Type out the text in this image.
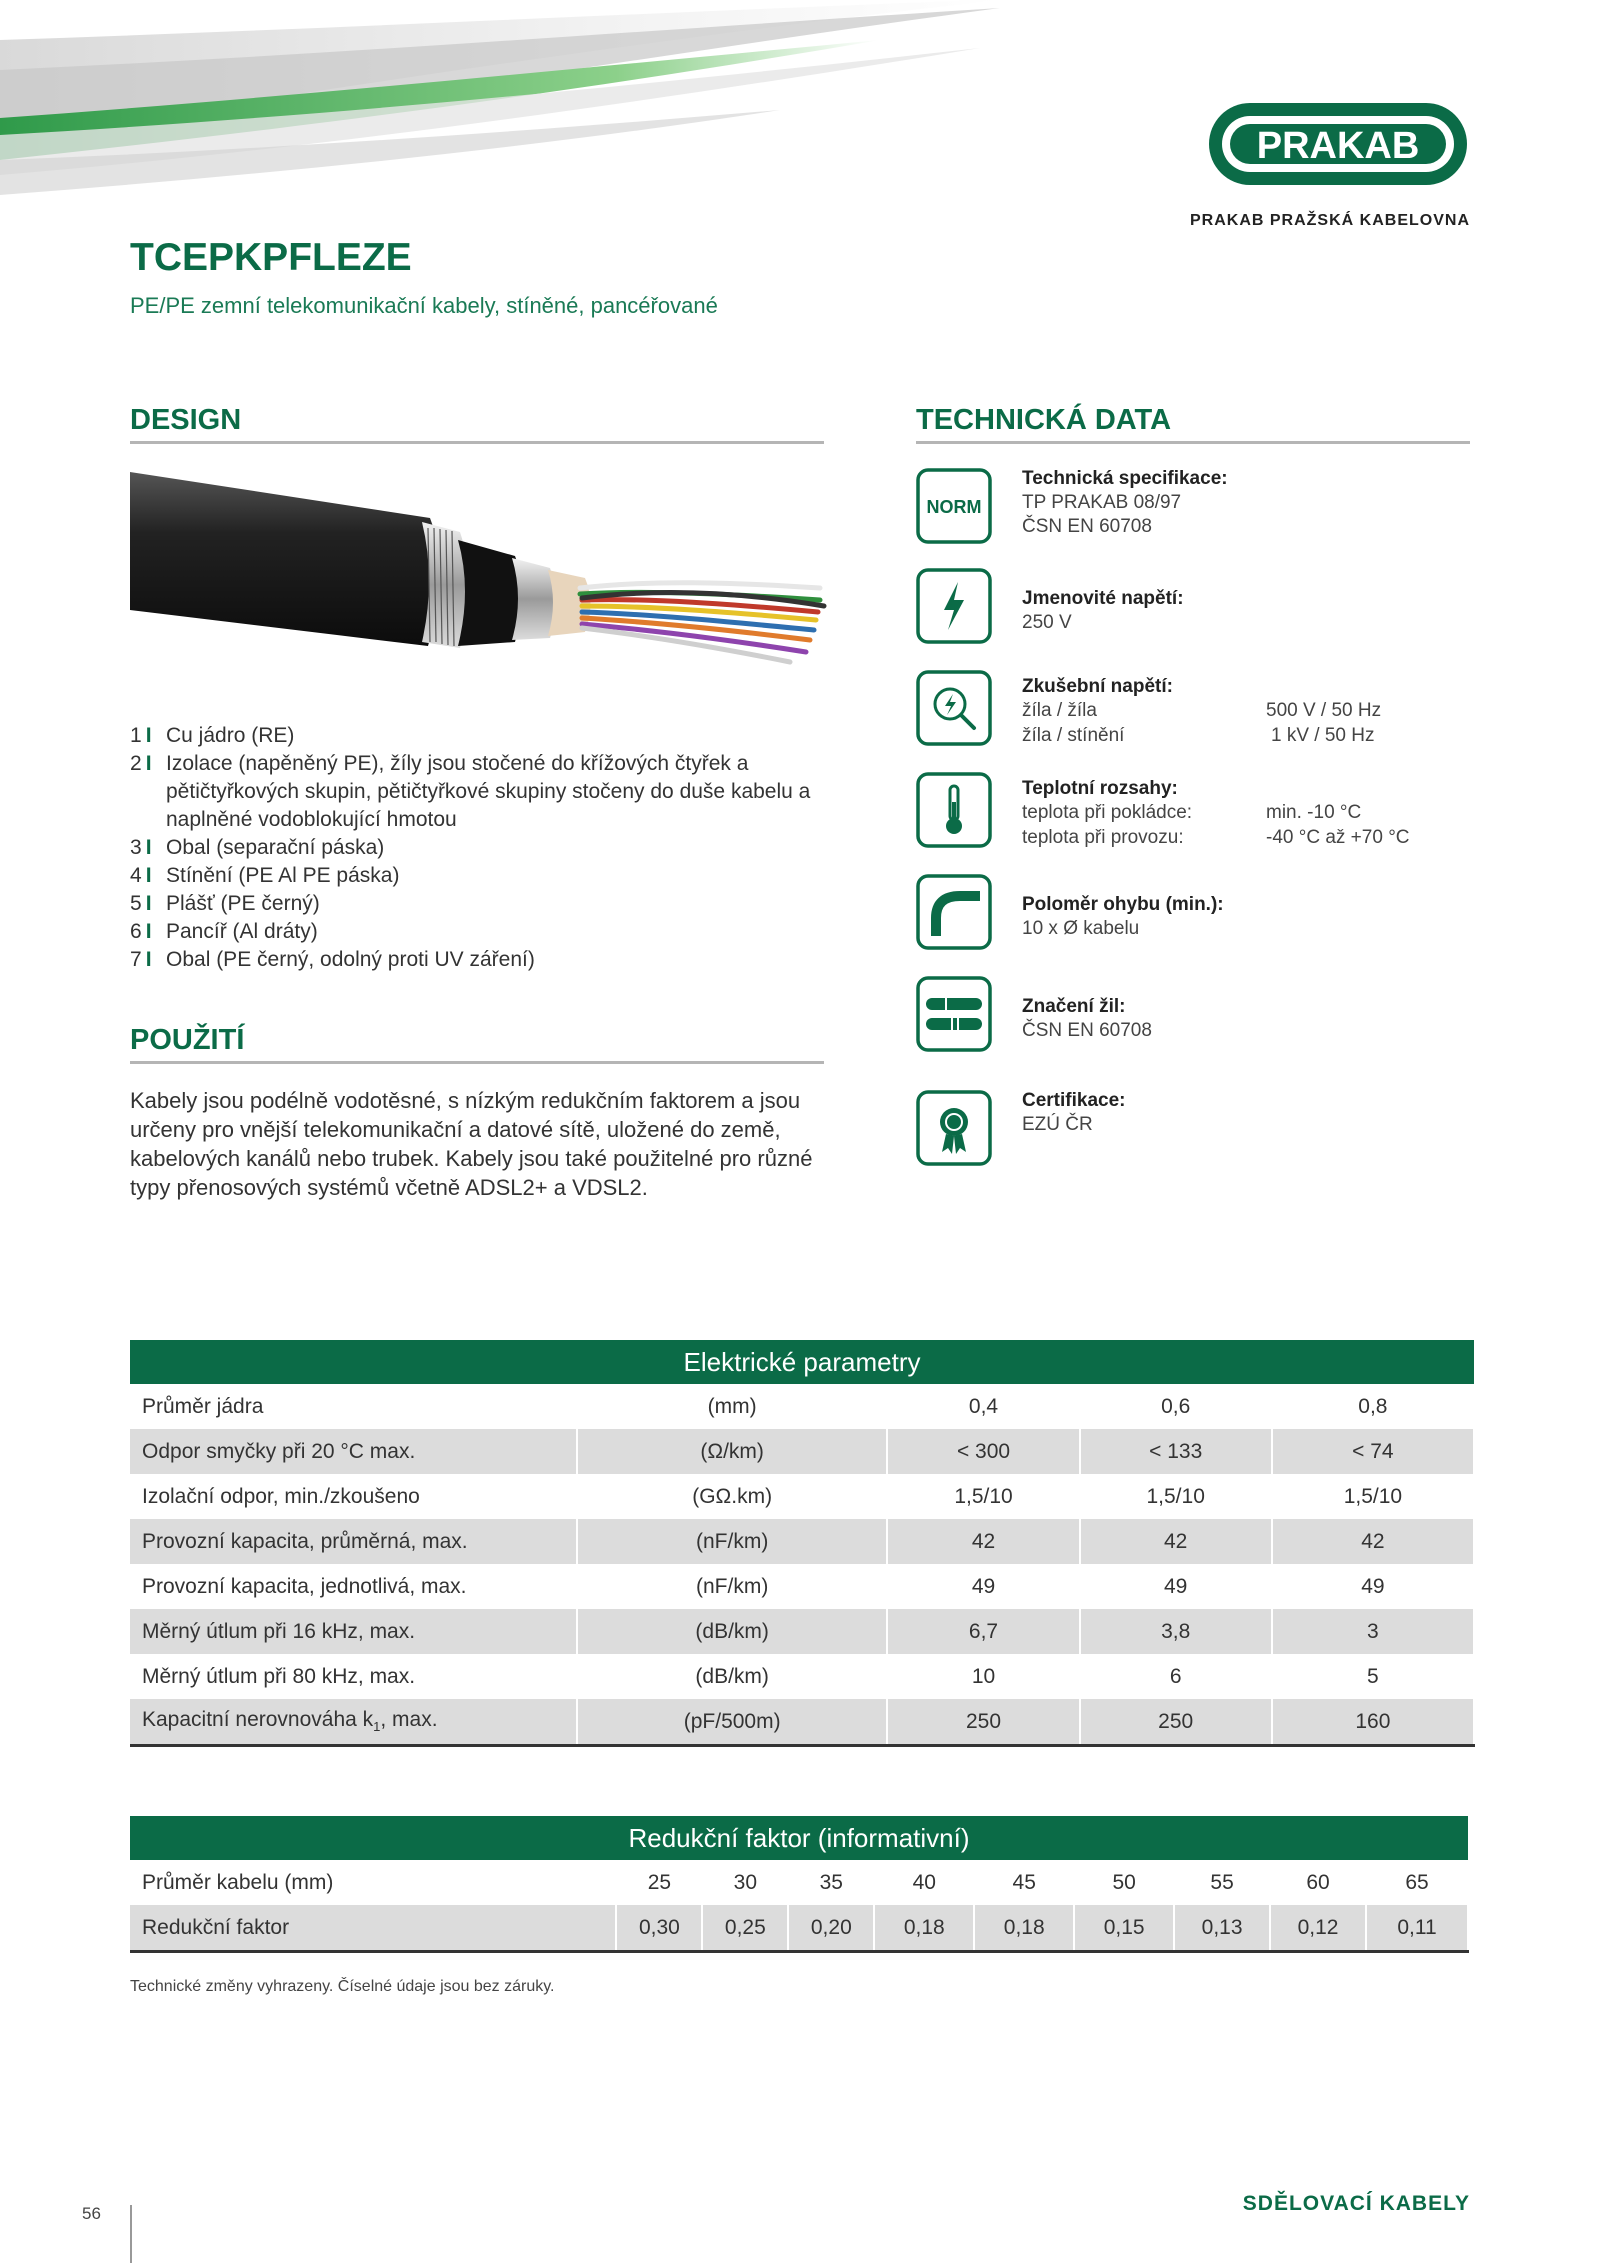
PRAKAB
PRAKAB PRAŽSKÁ KABELOVNA
TCEPKPFLEZE
PE/PE zemní telekomunikační kabely, stíněné, pancéřované
DESIGN
1 I Cu jádro (RE)
2 I Izolace (napěněný PE), žíly jsou stočené do křížových čtyřek a pětičtyřkových skupin, pětičtyřkové skupiny stočeny do duše kabelu a naplněné vodoblokující hmotou
3 I Obal (separační páska)
4 I Stínění (PE Al PE páska)
5 I Plášť (PE černý)
6 I Pancíř (Al dráty)
7 I Obal (PE černý, odolný proti UV záření)
POUŽITÍ
Kabely jsou podélně vodotěsné, s nízkým redukčním faktorem a jsou určeny pro vnější telekomunikační a datové sítě, uložené do země, kabelových kanálů nebo trubek. Kabely jsou také použitelné pro různé typy přenosových systémů včetně ADSL2+ a VDSL2.
TECHNICKÁ DATA
NORM
Technická specifikace:
TP PRAKAB 08/97
ČSN EN 60708
Jmenovité napětí:
250 V
Zkušební napětí:
žíla / žíla	500 V / 50 Hz
žíla / stínění	1 kV / 50 Hz
Teplotní rozsahy:
teplota při pokládce:	min. -10 °C
teplota při provozu:	-40 °C až +70 °C
Poloměr ohybu (min.):
10 x Ø kabelu
Značení žil:
ČSN EN 60708
Certifikace:
EZÚ ČR
Elektrické parametry				
Průměr jádra	(mm)	0,4	0,6	0,8
Odpor smyčky při 20 °C max.	(Ω/km)	< 300	< 133	< 74
Izolační odpor, min./zkoušeno	(GΩ.km)	1,5/10	1,5/10	1,5/10
Provozní kapacita, průměrná, max.	(nF/km)	42	42	42
Provozní kapacita, jednotlivá, max.	(nF/km)	49	49	49
Měrný útlum při 16 kHz, max.	(dB/km)	6,7	3,8	3
Měrný útlum při 80 kHz, max.	(dB/km)	10	6	5
Kapacitní nerovnováha $k_1$, max.	(pF/500m)	250	250	160
Redukční faktor (informativní)									
Průměr kabelu (mm)	25	30	35	40	45	50	55	60	65
Redukční faktor	0,30	0,25	0,20	0,18	0,18	0,15	0,13	0,12	0,11
Technické změny vyhrazeny. Číselné údaje jsou bez záruky.
56	SDĚLOVACÍ KABELY
